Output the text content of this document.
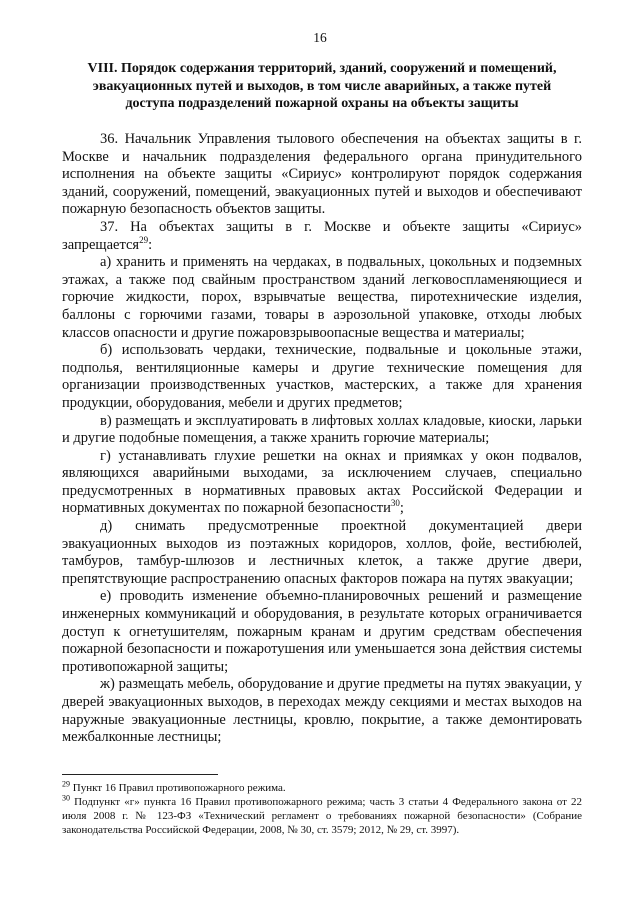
16
VIII. Порядок содержания территорий, зданий, сооружений и помещений,
эвакуационных путей и выходов, в том числе аварийных, а также путей
доступа подразделений пожарной охраны на объекты защиты

36. Начальник Управления тылового обеспечения на объектах защиты в г. Москве и начальник подразделения федерального органа принудительного исполнения на объекте защиты «Сириус» контролируют порядок содержания зданий, сооружений, помещений, эвакуационных путей и выходов и обеспечивают пожарную безопасность объектов защиты.

37. На объектах защиты в г. Москве и объекте защиты «Сириус» запрещается$^{29}$:

а) хранить и применять на чердаках, в подвальных, цокольных и подземных этажах, а также под свайным пространством зданий легковоспламеняющиеся и горючие жидкости, порох, взрывчатые вещества, пиротехнические изделия, баллоны с горючими газами, товары в аэрозольной упаковке, отходы любых классов опасности и другие пожаровзрывоопасные вещества и материалы;

б) использовать чердаки, технические, подвальные и цокольные этажи, подполья, вентиляционные камеры и другие технические помещения для организации производственных участков, мастерских, а также для хранения продукции, оборудования, мебели и других предметов;

в) размещать и эксплуатировать в лифтовых холлах кладовые, киоски, ларьки и другие подобные помещения, а также хранить горючие материалы;

г) устанавливать глухие решетки на окнах и приямках у окон подвалов, являющихся аварийными выходами, за исключением случаев, специально предусмотренных в нормативных правовых актах Российской Федерации и нормативных документах по пожарной безопасности$^{30}$;

д) снимать предусмотренные проектной документацией двери эвакуационных выходов из поэтажных коридоров, холлов, фойе, вестибюлей, тамбуров, тамбур-шлюзов и лестничных клеток, а также другие двери, препятствующие распространению опасных факторов пожара на путях эвакуации;

е) проводить изменение объемно-планировочных решений и размещение инженерных коммуникаций и оборудования, в результате которых ограничивается доступ к огнетушителям, пожарным кранам и другим средствам обеспечения пожарной безопасности и пожаротушения или уменьшается зона действия системы противопожарной защиты;

ж) размещать мебель, оборудование и другие предметы на путях эвакуации, у дверей эвакуационных выходов, в переходах между секциями и местах выходов на наружные эвакуационные лестницы, кровлю, покрытие, а также демонтировать межбалконные лестницы;

$^{29}$ Пункт 16 Правил противопожарного режима.

$^{30}$ Подпункт «г» пункта 16 Правил противопожарного режима; часть 3 статьи 4 Федерального закона от 22 июля 2008 г. № 123-ФЗ «Технический регламент о требованиях пожарной безопасности» (Собрание законодательства Российской Федерации, 2008, № 30, ст. 3579; 2012, № 29, ст. 3997).
